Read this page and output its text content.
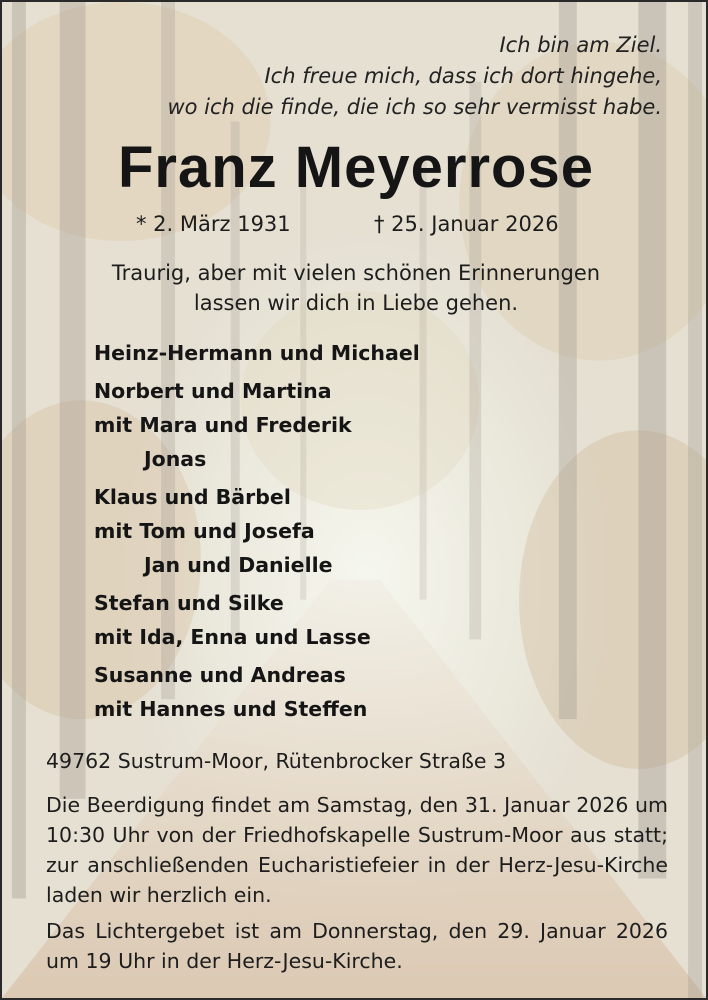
Ich bin am Ziel.
Ich freue mich, dass ich dort hingehe,
wo ich die finde, die ich so sehr vermisst habe.
Franz Meyerrose
* 2. März 1931	† 25. Januar 2026
Traurig, aber mit vielen schönen Erinnerungen
lassen wir dich in Liebe gehen.
Heinz-Hermann und Michael
Norbert und Martina
mit Mara und Frederik
Jonas
Klaus und Bärbel
mit Tom und Josefa
Jan und Danielle
Stefan und Silke
mit Ida, Enna und Lasse
Susanne und Andreas
mit Hannes und Steffen
49762 Sustrum-Moor, Rütenbrocker Straße 3
Die Beerdigung findet am Samstag, den 31. Januar 2026 um 10:30 Uhr von der Friedhofskapelle Sustrum-Moor aus statt; zur anschließenden Eucharistiefeier in der Herz-Jesu-Kirche laden wir herzlich ein.
Das Lichtergebet ist am Donnerstag, den 29. Januar 2026 um 19 Uhr in der Herz-Jesu-Kirche.
